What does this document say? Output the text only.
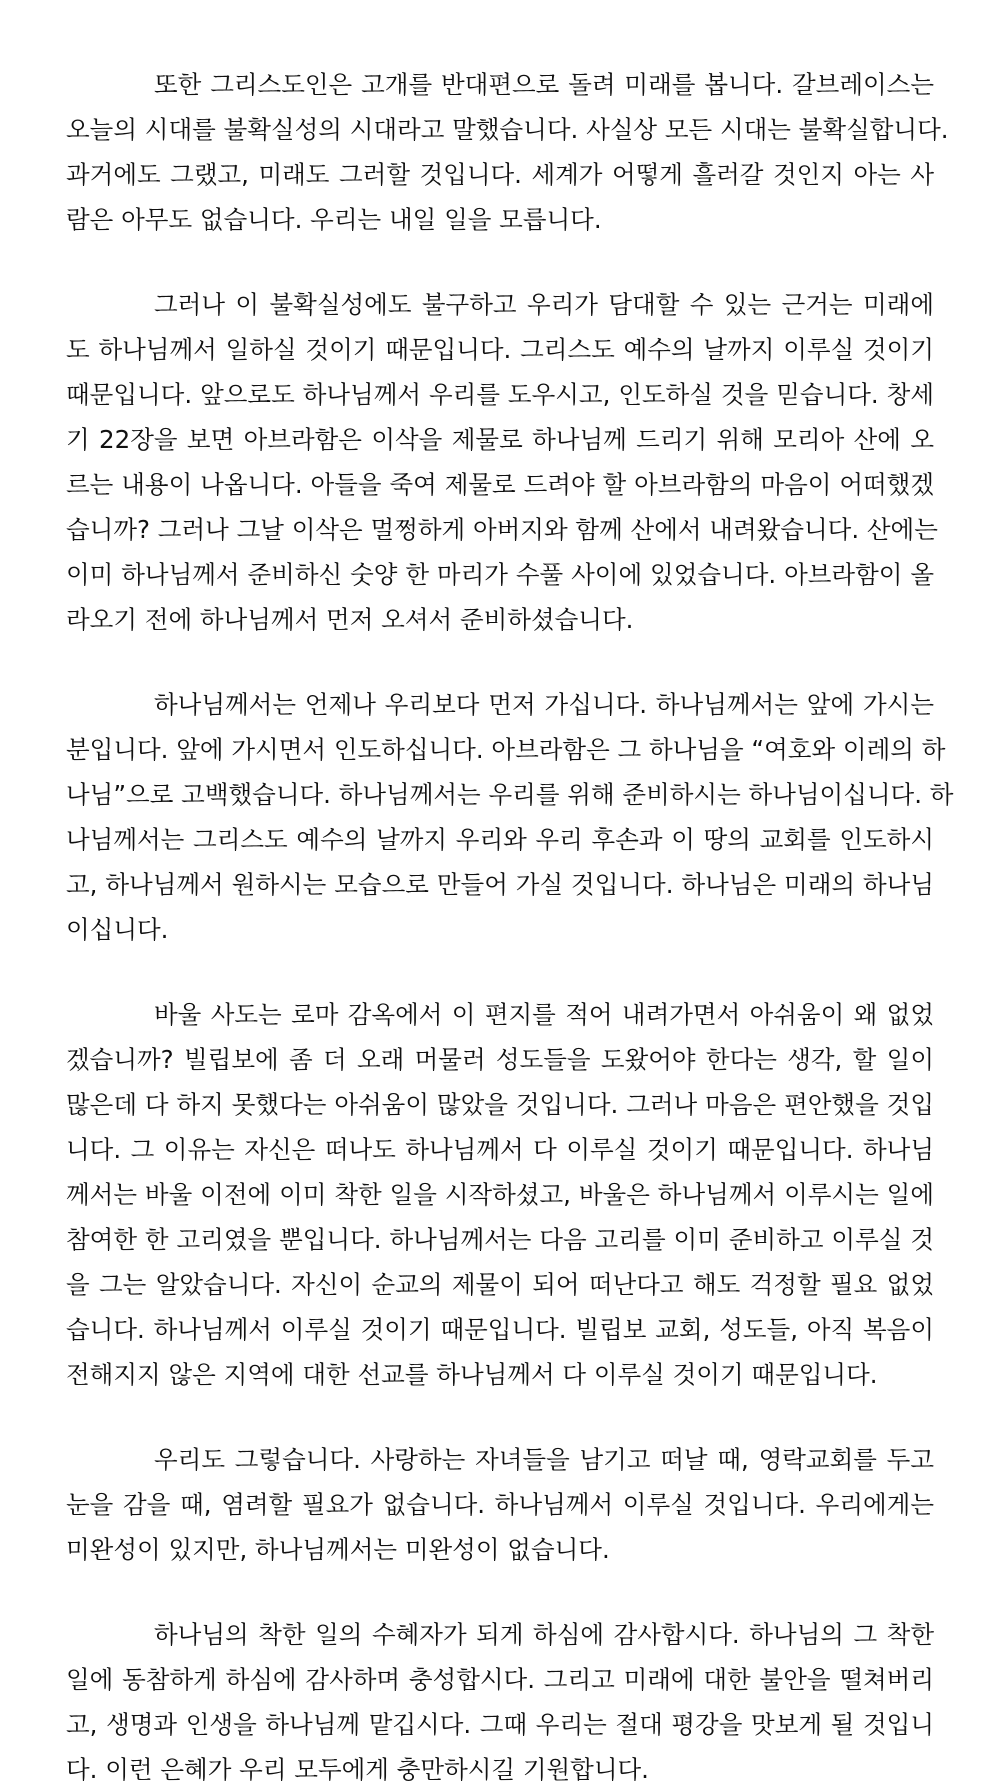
또한 그리스도인은 고개를 반대편으로 돌려 미래를 봅니다. 갈브레이스는
오늘의 시대를 불확실성의 시대라고 말했습니다. 사실상 모든 시대는 불확실합니다.
과거에도 그랬고, 미래도 그러할 것입니다. 세계가 어떻게 흘러갈 것인지 아는 사
람은 아무도 없습니다. 우리는 내일 일을 모릅니다.
그러나 이 불확실성에도 불구하고 우리가 담대할 수 있는 근거는 미래에
도 하나님께서 일하실 것이기 때문입니다. 그리스도 예수의 날까지 이루실 것이기
때문입니다. 앞으로도 하나님께서 우리를 도우시고, 인도하실 것을 믿습니다. 창세
기 22장을 보면 아브라함은 이삭을 제물로 하나님께 드리기 위해 모리아 산에 오
르는 내용이 나옵니다. 아들을 죽여 제물로 드려야 할 아브라함의 마음이 어떠했겠
습니까? 그러나 그날 이삭은 멀쩡하게 아버지와 함께 산에서 내려왔습니다. 산에는
이미 하나님께서 준비하신 숫양 한 마리가 수풀 사이에 있었습니다. 아브라함이 올
라오기 전에 하나님께서 먼저 오셔서 준비하셨습니다.
하나님께서는 언제나 우리보다 먼저 가십니다. 하나님께서는 앞에 가시는
분입니다. 앞에 가시면서 인도하십니다. 아브라함은 그 하나님을 “여호와 이레의 하
나님”으로 고백했습니다. 하나님께서는 우리를 위해 준비하시는 하나님이십니다. 하
나님께서는 그리스도 예수의 날까지 우리와 우리 후손과 이 땅의 교회를 인도하시
고, 하나님께서 원하시는 모습으로 만들어 가실 것입니다. 하나님은 미래의 하나님
이십니다.
바울 사도는 로마 감옥에서 이 편지를 적어 내려가면서 아쉬움이 왜 없었
겠습니까? 빌립보에 좀 더 오래 머물러 성도들을 도왔어야 한다는 생각, 할 일이
많은데 다 하지 못했다는 아쉬움이 많았을 것입니다. 그러나 마음은 편안했을 것입
니다. 그 이유는 자신은 떠나도 하나님께서 다 이루실 것이기 때문입니다. 하나님
께서는 바울 이전에 이미 착한 일을 시작하셨고, 바울은 하나님께서 이루시는 일에
참여한 한 고리였을 뿐입니다. 하나님께서는 다음 고리를 이미 준비하고 이루실 것
을 그는 알았습니다. 자신이 순교의 제물이 되어 떠난다고 해도 걱정할 필요 없었
습니다. 하나님께서 이루실 것이기 때문입니다. 빌립보 교회, 성도들, 아직 복음이
전해지지 않은 지역에 대한 선교를 하나님께서 다 이루실 것이기 때문입니다.
우리도 그렇습니다. 사랑하는 자녀들을 남기고 떠날 때, 영락교회를 두고
눈을 감을 때, 염려할 필요가 없습니다. 하나님께서 이루실 것입니다. 우리에게는
미완성이 있지만, 하나님께서는 미완성이 없습니다.
하나님의 착한 일의 수혜자가 되게 하심에 감사합시다. 하나님의 그 착한
일에 동참하게 하심에 감사하며 충성합시다. 그리고 미래에 대한 불안을 떨쳐버리
고, 생명과 인생을 하나님께 맡깁시다. 그때 우리는 절대 평강을 맛보게 될 것입니
다. 이런 은혜가 우리 모두에게 충만하시길 기원합니다.
